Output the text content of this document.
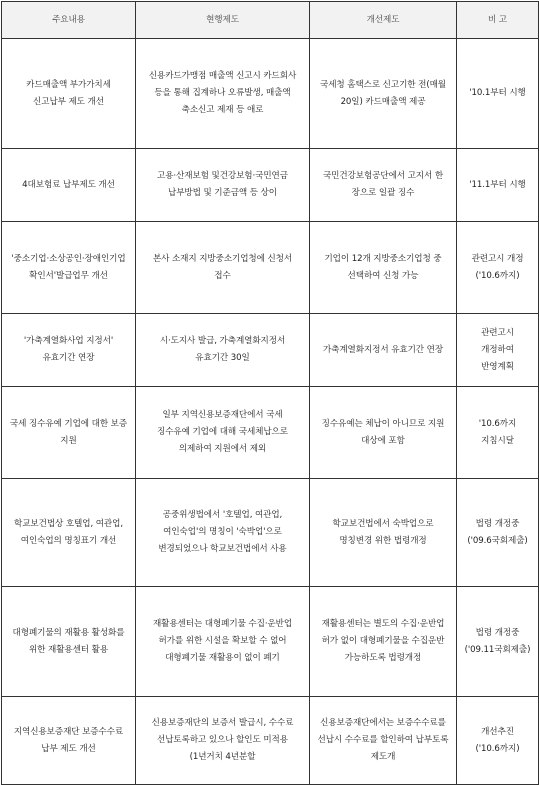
주요내용	현행제도	개선제도	비 고
카드매출액 부가가치세 신고납부 제도 개선	신용카드가맹점 매출액 신고시 카드회사 등을 통해 집계하나 오류발생, 매출액 축소신고 제재 등 애로	국세청 홈택스로 신고기한 전(매월 20일) 카드매출액 제공	'10.1부터 시행
4대보험료 납부제도 개선	고용·산재보험 및건강보험·국민연금 납부방법 및 기준금액 등 상이	국민건강보험공단에서 고지서 한 장으로 일괄 징수	'11.1부터 시행
'중소기업·소상공인·장애인기업 확인서'발급업무 개선	본사 소재지 지방중소기업청에 신청서 접수	기업이 12개 지방중소기업청 중 선택하여 신청 가능	관련고시 개정('10.6까지)
'가축계열화사업 지정서' 유효기간 연장	시·도지사 발급, 가축계열화지정서 유효기간 30일	가축계열화지정서 유효기간 연장	관련고시 개정하여 반영계획
국세 징수유예 기업에 대한 보증 지원	일부 지역신용보증재단에서 국세 징수유예 기업에 대해 국세체납으로 의제하여 지원에서 제외	징수유예는 체납이 아니므로 지원 대상에 포함	'10.6까지 지침시달
학교보건법상 호텔업, 여관업, 여인숙업의 명칭표기 개선	공중위생법에서 '호텔업, 여관업, 여인숙업'의 명칭이 '숙박업'으로 변경되었으나 학교보건법에서 사용	학교보건법에서 숙박업으로 명칭변경 위한 법령개정	법령 개정중('09.6국회제출)
대형폐기물의 재활용 활성화를 위한 재활용센터 활용	재활용센터는 대형폐기물 수집·운반업 허가를 위한 시설을 확보할 수 없어 대형폐기물 재활용이 없이 폐기	재활용센터는 별도의 수집·운반업 허가 없이 대형폐기물을 수집운반 가능하도록 법령개정	법령 개정중('09.11국회제출)
지역신용보증재단 보증수수료 납부 제도 개선	신용보증재단의 보증서 발급시, 수수료 선납토록하고 있으나 할인도 미적용(1년거치 4년분할	신용보증재단에서는 보증수수료를 선납시 수수료를 할인하여 납부토록 제도개	개선추진('10.6까지)
